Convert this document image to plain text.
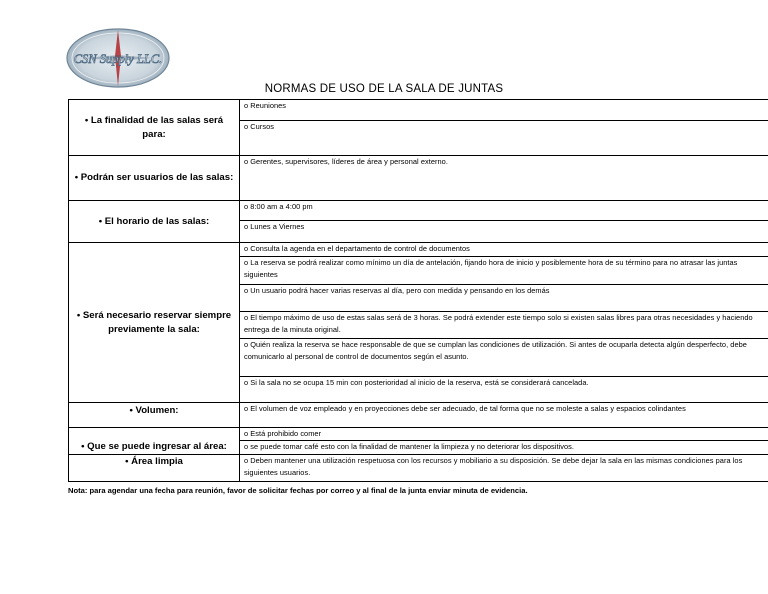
CSN Supply LLC.
NORMAS DE USO DE LA SALA DE JUNTAS
• La finalidad de las salas será para:	o Reuniones
	o Cursos
• Podrán ser usuarios de las salas:	o Gerentes, supervisores, líderes de área y personal externo.
• El horario de las salas:	o 8:00 am a 4:00 pm
	o Lunes a Viernes
• Será necesario reservar siempre previamente la sala:	o Consulta la agenda en el departamento de control de documentos
	o La reserva se podrá realizar como mínimo un día de antelación, fijando hora de inicio y posiblemente hora de su término para no atrasar las juntas siguientes
	o Un usuario podrá hacer varias reservas al día, pero con medida y pensando en los demás
	o El tiempo máximo de uso de estas salas será de 3 horas. Se podrá extender este tiempo solo si existen salas libres para otras necesidades y haciendo entrega de la minuta original.
	o Quién realiza la reserva se hace responsable de que se cumplan las condiciones de utilización. Si antes de ocuparla detecta algún desperfecto, debe comunicarlo al personal de control de documentos según el asunto.
	o Si la sala no se ocupa 15 min con posterioridad al inicio de la reserva, está se considerará cancelada.
• Volumen:	o El volumen de voz empleado y en proyecciones debe ser adecuado, de tal forma que no se moleste a salas y espacios colindantes
• Que se puede ingresar al área:	o Está prohibido comer
	o se puede tomar café esto con la finalidad de mantener la limpieza y no deteriorar los dispositivos.
• Área limpia	o Deben mantener una utilización respetuosa con los recursos y mobiliario a su disposición. Se debe dejar la sala en las mismas condiciones para los siguientes usuarios.
Nota: para agendar una fecha para reunión, favor de solicitar fechas por correo y al final de la junta enviar minuta de evidencia.
